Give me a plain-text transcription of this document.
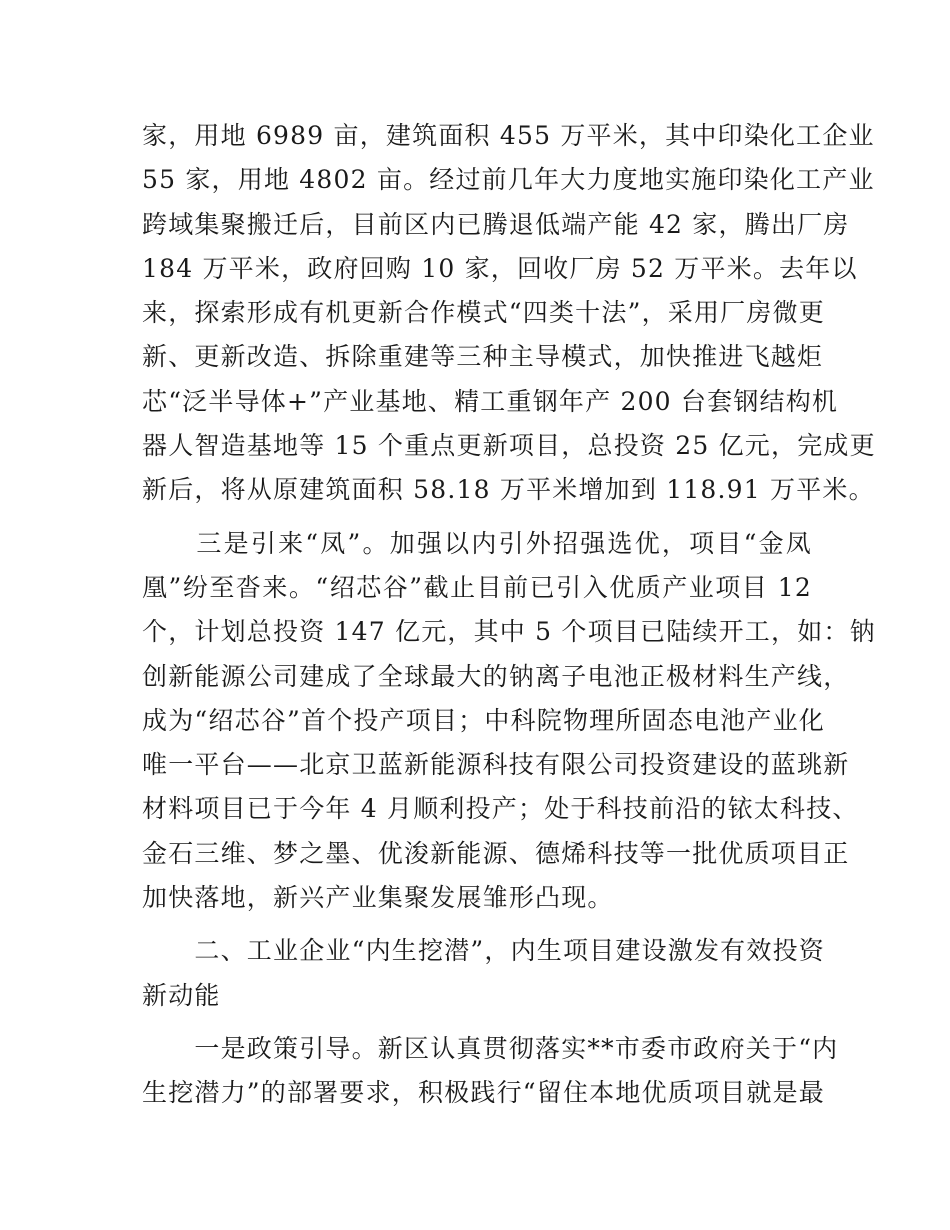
家，用地 6989 亩，建筑面积 455 万平米，其中印染化工企业
55 家，用地 4802 亩。经过前几年大力度地实施印染化工产业
跨域集聚搬迁后，目前区内已腾退低端产能 42 家，腾出厂房
184 万平米，政府回购 10 家，回收厂房 52 万平米。去年以
来，探索形成有机更新合作模式“四类十法”，采用厂房微更
新、更新改造、拆除重建等三种主导模式，加快推进飞越炬
芯“泛半导体+”产业基地、精工重钢年产 200 台套钢结构机
器人智造基地等 15 个重点更新项目，总投资 25 亿元，完成更
新后，将从原建筑面积 58.18 万平米增加到 118.91 万平米。
　　三是引来“凤”。加强以内引外招强选优，项目“金凤
凰”纷至沓来。“绍芯谷”截止目前已引入优质产业项目 12
个，计划总投资 147 亿元，其中 5 个项目已陆续开工，如：钠
创新能源公司建成了全球最大的钠离子电池正极材料生产线，
成为“绍芯谷”首个投产项目；中科院物理所固态电池产业化
唯一平台——北京卫蓝新能源科技有限公司投资建设的蓝珧新
材料项目已于今年 4 月顺利投产；处于科技前沿的铱太科技、
金石三维、梦之墨、优浚新能源、德烯科技等一批优质项目正
加快落地，新兴产业集聚发展雏形凸现。
　　二、工业企业“内生挖潜”，内生项目建设激发有效投资
新动能
　　一是政策引导。新区认真贯彻落实**市委市政府关于“内
生挖潜力”的部署要求，积极践行“留住本地优质项目就是最
